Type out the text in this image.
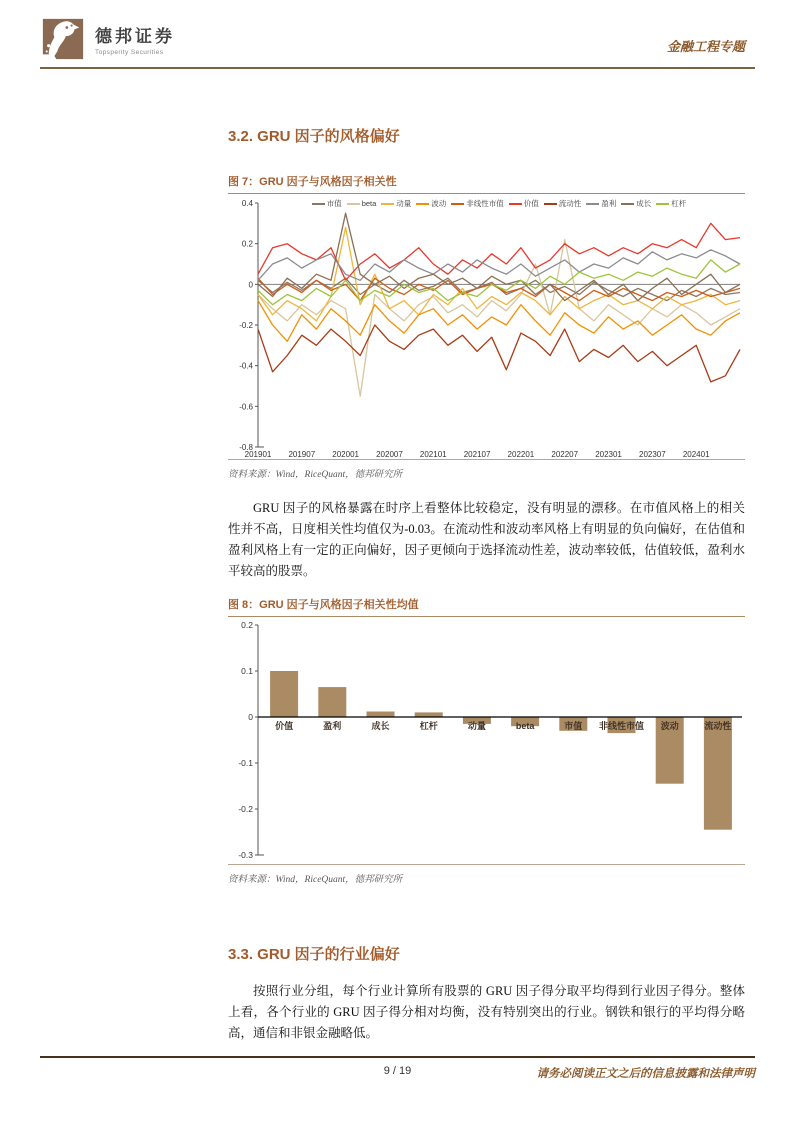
德邦证券
Topsperity Securities	金融工程专题
3.2. GRU 因子的风格偏好
图 7：GRU 因子与风格因子相关性
市值	beta	动量	波动	非线性市值	价值	流动性	盈利	成长	杠杆
0.4
0.2
0
-0.2
-0.4
-0.6
-0.8
201901 201907 202001 202007 202101 202107 202201 202207 202301 202307 202401
资料来源：Wind，RiceQuant，德邦研究所

GRU 因子的风格暴露在时序上看整体比较稳定，没有明显的漂移。在市值风格上的相关性并不高，日度相关性均值仅为-0.03。在流动性和波动率风格上有明显的负向偏好，在估值和盈利风格上有一定的正向偏好，因子更倾向于选择流动性差，波动率较低，估值较低，盈利水平较高的股票。

图 8：GRU 因子与风格因子相关性均值
0.2
0.1
0
-0.1
-0.2
-0.3
价值	盈利	成长	杠杆	动量	beta	市值 非线性市值 波动	流动性
资料来源：Wind，RiceQuant，德邦研究所
3.3. GRU 因子的行业偏好

按照行业分组，每个行业计算所有股票的 GRU 因子得分取平均得到行业因子得分。整体上看，各个行业的 GRU 因子得分相对均衡，没有特别突出的行业。钢铁和银行的平均得分略高，通信和非银金融略低。

9 / 19	请务必阅读正文之后的信息披露和法律声明
